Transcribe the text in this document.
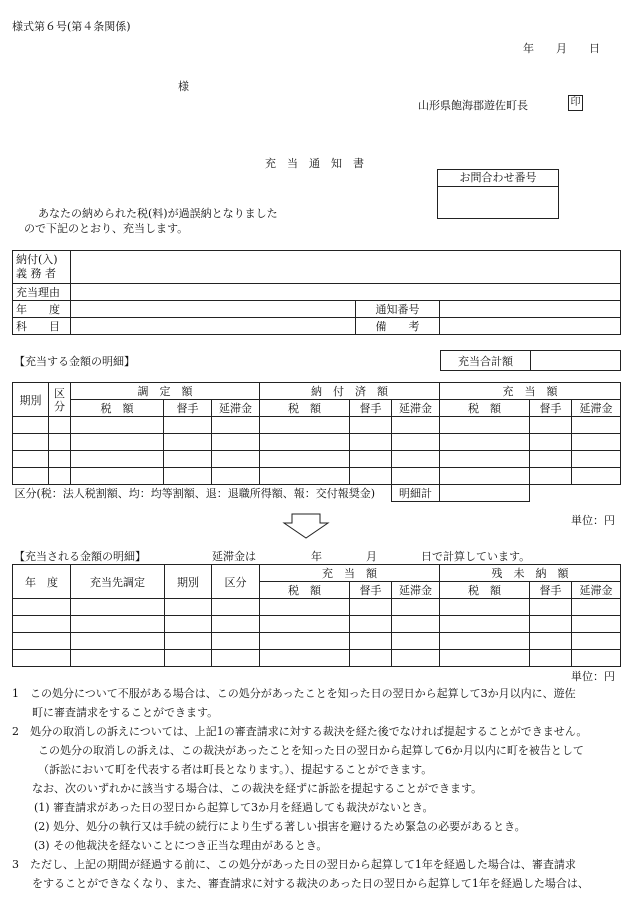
様式第６号(第４条関係)
年　　月　　日
様
山形県飽海郡遊佐町長	印
充　当　通　知　書
お問合わせ番号
あなたの納められた税(料)が過誤納となりました
ので下記のとおり、充当します。
納付(入)
義 務 者			
充当理由			
年　　度		通知番号	
科　　目		備　　考	
【充当する金額の明細】	充当合計額	
期別	区分	調　定　額			納　付　済　額			充　当　額		
		税　額	督手	延滞金	税　額	督手	延滞金	税　額	督手	延滞金

区分(税：法人税割額、均：均等割額、退：退職所得額、報：交付報奨金)							明細計			
単位：円
【充当される金額の明細】	延滞金は　　　　　年　　　　月　　　　日で計算しています。
年　度	充当先調定	期別	区分	充　当　額			残　未　納　額		
				税　額	督手	延滞金	税　額	督手	延滞金

単位：円
1　この処分について不服がある場合は、この処分があったことを知った日の翌日から起算して3か月以内に、遊佐
町に審査請求をすることができます。
2　処分の取消しの訴えについては、上記1の審査請求に対する裁決を経た後でなければ提起することができません。
この処分の取消しの訴えは、この裁決があったことを知った日の翌日から起算して6か月以内に町を被告として
（訴訟において町を代表する者は町長となります。）、提起することができます。
なお、次のいずれかに該当する場合は、この裁決を経ずに訴訟を提起することができます。
(1) 審査請求があった日の翌日から起算して3か月を経過しても裁決がないとき。
(2) 処分、処分の執行又は手続の続行により生ずる著しい損害を避けるため緊急の必要があるとき。
(3) その他裁決を経ないことにつき正当な理由があるとき。
3　ただし、上記の期間が経過する前に、この処分があった日の翌日から起算して1年を経過した場合は、審査請求
をすることができなくなり、また、審査請求に対する裁決のあった日の翌日から起算して1年を経過した場合は、
